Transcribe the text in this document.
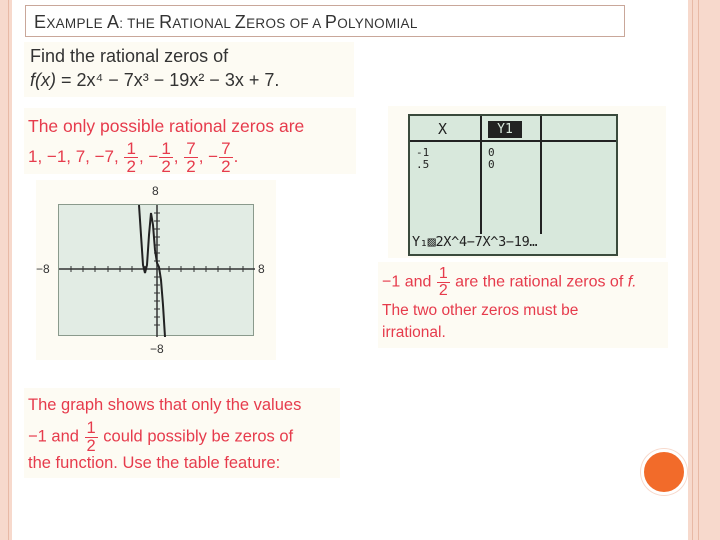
EXAMPLE A: THE RATIONAL ZEROS OF A POLYNOMIAL
Find the rational zeros of
f(x) = 2x⁴ − 7x³ − 19x² − 3x + 7.
The only possible rational zeros are
1, −1, 7, −7, $\frac{1}{2}$ , − $\frac{1}{2}$ , $\frac{7}{2}$ , − $\frac{7}{2}$ .
8
−8	8
−8
X	Y1
-1
.5
0
0
Y₁▨2X^4−7X^3−19…
−1 and $\frac{1}{2}$ are the rational zeros of f.
The two other zeros must be
irrational.
The graph shows that only the values
−1 and $\frac{1}{2}$ could possibly be zeros of
the function. Use the table feature:
